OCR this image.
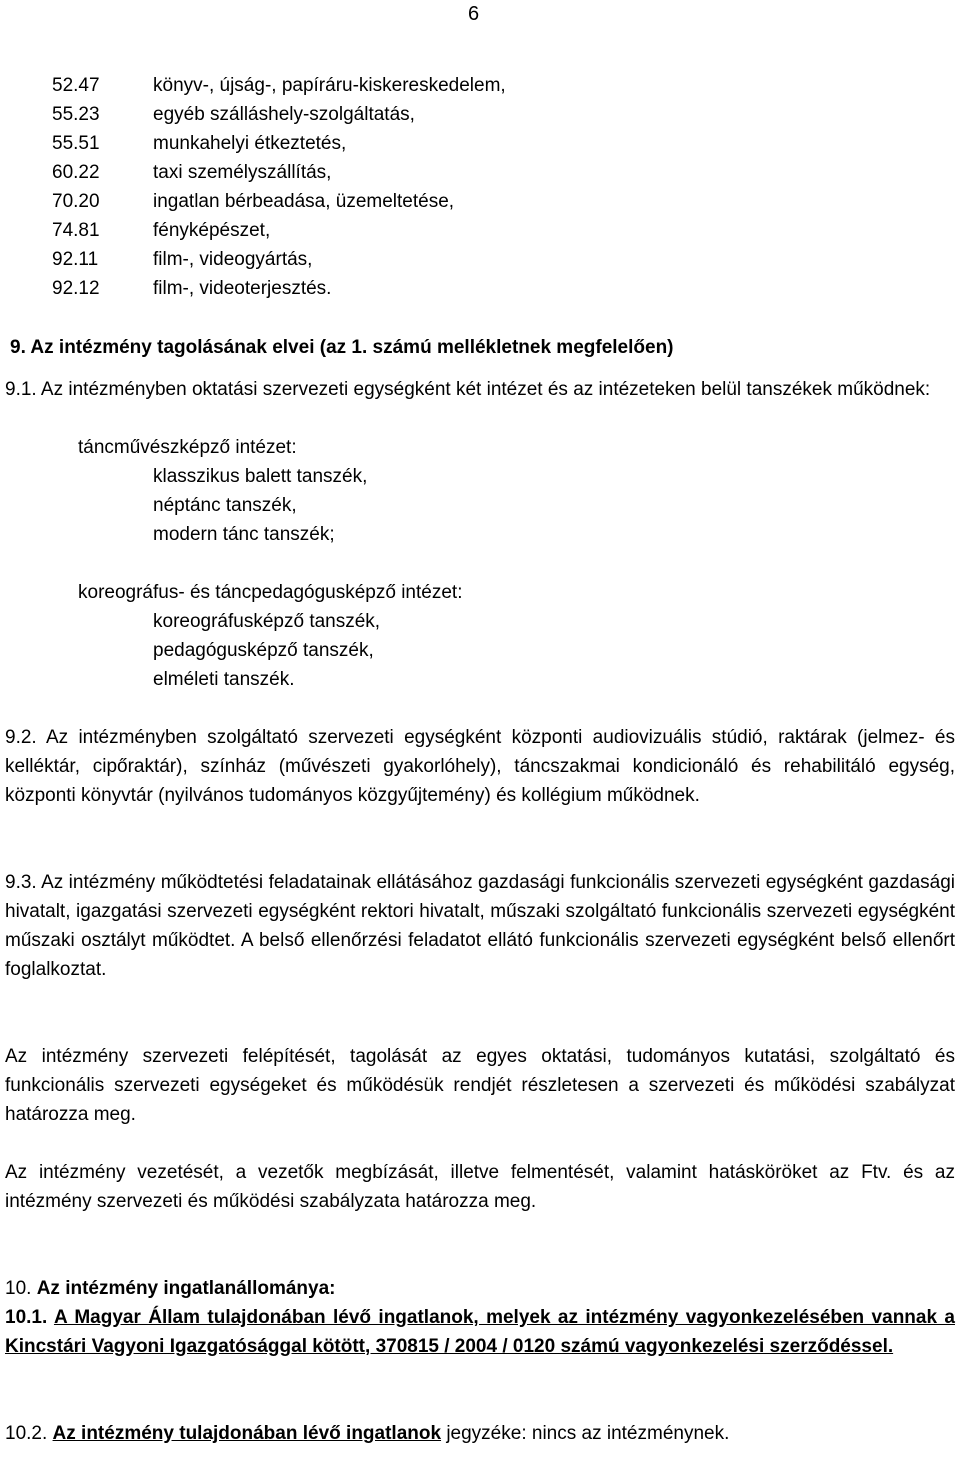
6
52.47	könyv-, újság-, papíráru-kiskereskedelem,
55.23	egyéb szálláshely-szolgáltatás,
55.51	munkahelyi étkeztetés,
60.22	taxi személyszállítás,
70.20	ingatlan bérbeadása, üzemeltetése,
74.81	fényképészet,
92.11	film-, videogyártás,
92.12	film-, videoterjesztés.
9. Az intézmény tagolásának elvei (az 1. számú mellékletnek megfelelően)
9.1. Az intézményben oktatási szervezeti egységként két intézet és az intézeteken belül tanszékek működnek:
táncművészképző intézet:
klasszikus balett tanszék,
néptánc tanszék,
modern tánc tanszék;
koreográfus- és táncpedagógusképző intézet:
koreográfusképző tanszék,
pedagógusképző tanszék,
elméleti tanszék.
9.2. Az intézményben szolgáltató szervezeti egységként központi audiovizuális stúdió, raktárak (jelmez- és kelléktár, cipőraktár), színház (művészeti gyakorlóhely), táncszakmai kondicionáló és rehabilitáló egység, központi könyvtár (nyilvános tudományos közgyűjtemény) és kollégium működnek.
9.3. Az intézmény működtetési feladatainak ellátásához gazdasági funkcionális szervezeti egységként gazdasági hivatalt, igazgatási szervezeti egységként rektori hivatalt, műszaki szolgáltató funkcionális szervezeti egységként műszaki osztályt működtet. A belső ellenőrzési feladatot ellátó funkcionális szervezeti egységként belső ellenőrt foglalkoztat.
Az intézmény szervezeti felépítését, tagolását az egyes oktatási, tudományos kutatási, szolgáltató és funkcionális szervezeti egységeket és működésük rendjét részletesen a szervezeti és működési szabályzat határozza meg.
Az intézmény vezetését, a vezetők megbízását, illetve felmentését, valamint hatásköröket az Ftv. és az intézmény szervezeti és működési szabályzata határozza meg.
10. Az intézmény ingatlanállománya:
10.1. A Magyar Állam tulajdonában lévő ingatlanok, melyek az intézmény vagyonkezelésében vannak a Kincstári Vagyoni Igazgatósággal kötött, 370815 / 2004 / 0120 számú vagyonkezelési szerződéssel.
10.2. Az intézmény tulajdonában lévő ingatlanok jegyzéke: nincs az intézménynek.
